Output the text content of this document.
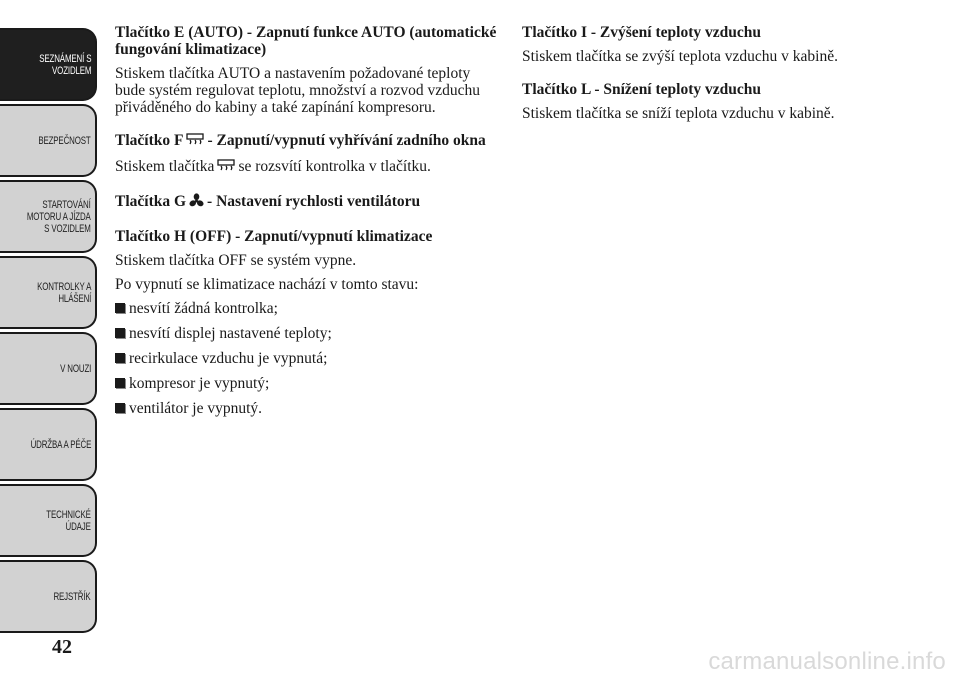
SEZNÁMENÍ S
VOZIDLEM
BEZPEČNOST
STARTOVÁNÍ
MOTORU A JÍZDA
S VOZIDLEM
KONTROLKY A
HLÁŠENÍ
V NOUZI
ÚDRŽBA A PÉČE
TECHNICKÉ
ÚDAJE
REJSTŘÍK
42

Tlačítko E (AUTO) - Zapnutí funkce AUTO (automatické fungování klimatizace)

Stiskem tlačítka AUTO a nastavením požadované teploty bude systém regulovat teplotu, množství a rozvod vzduchu přiváděného do kabiny a také zapínání kompresoru.

Tlačítko F - Zapnutí/vypnutí vyhřívání zadního okna

Stiskem tlačítka se rozsvítí kontrolka v tlačítku.

Tlačítka G - Nastavení rychlosti ventilátoru

Tlačítko H (OFF) - Zapnutí/vypnutí klimatizace

Stiskem tlačítka OFF se systém vypne.

Po vypnutí se klimatizace nachází v tomto stavu:

nesvítí žádná kontrolka;
nesvítí displej nastavené teploty;
recirkulace vzduchu je vypnutá;
kompresor je vypnutý;
ventilátor je vypnutý.

Tlačítko I - Zvýšení teploty vzduchu

Stiskem tlačítka se zvýší teplota vzduchu v kabině.

Tlačítko L - Snížení teploty vzduchu

Stiskem tlačítka se sníží teplota vzduchu v kabině.

carmanualsonline.info
